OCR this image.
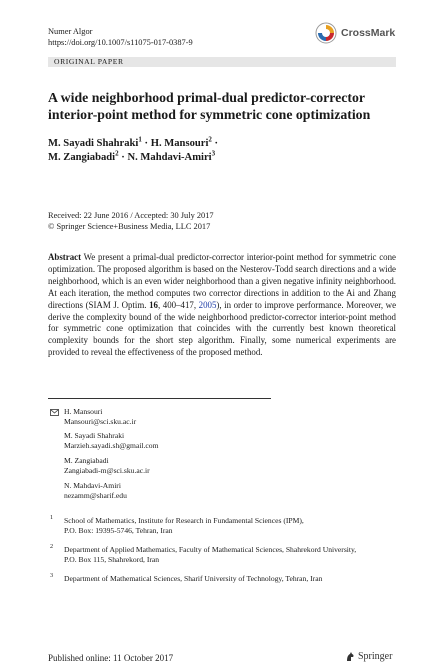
Numer Algor
https://doi.org/10.1007/s11075-017-0387-9
CrossMark
ORIGINAL PAPER
A wide neighborhood primal-dual predictor-corrector interior-point method for symmetric cone optimization
M. Sayadi Shahraki$^1$ · H. Mansouri$^2$ ·
M. Zangiabadi$^2$ · N. Mahdavi-Amiri$^3$
Received: 22 June 2016 / Accepted: 30 July 2017
© Springer Science+Business Media, LLC 2017
Abstract We present a primal-dual predictor-corrector interior-point method for symmetric cone optimization. The proposed algorithm is based on the Nesterov-Todd search directions and a wide neighborhood, which is an even wider neighborhood than a given negative infinity neighborhood. At each iteration, the method computes two corrector directions in addition to the Ai and Zhang directions (SIAM J. Optim. 16, 400–417, 2005), in order to improve performance. Moreover, we derive the complexity bound of the wide neighborhood predictor-corrector interior-point method for symmetric cone optimization that coincides with the currently best known theoretical complexity bounds for the short step algorithm. Finally, some numerical experiments are provided to reveal the effectiveness of the proposed method.
H. Mansouri
Mansouri@sci.sku.ac.ir
M. Sayadi Shahraki
Marzieh.sayadi.sh@gmail.com
M. Zangiabadi
Zangiabadi-m@sci.sku.ac.ir
N. Mahdavi-Amiri
nezamm@sharif.edu
1 School of Mathematics, Institute for Research in Fundamental Sciences (IPM),
P.O. Box: 19395-5746, Tehran, Iran
2 Department of Applied Mathematics, Faculty of Mathematical Sciences, Shahrekord University,
P.O. Box 115, Shahrekord, Iran
3 Department of Mathematical Sciences, Sharif University of Technology, Tehran, Iran
Published online: 11 October 2017	Springer
